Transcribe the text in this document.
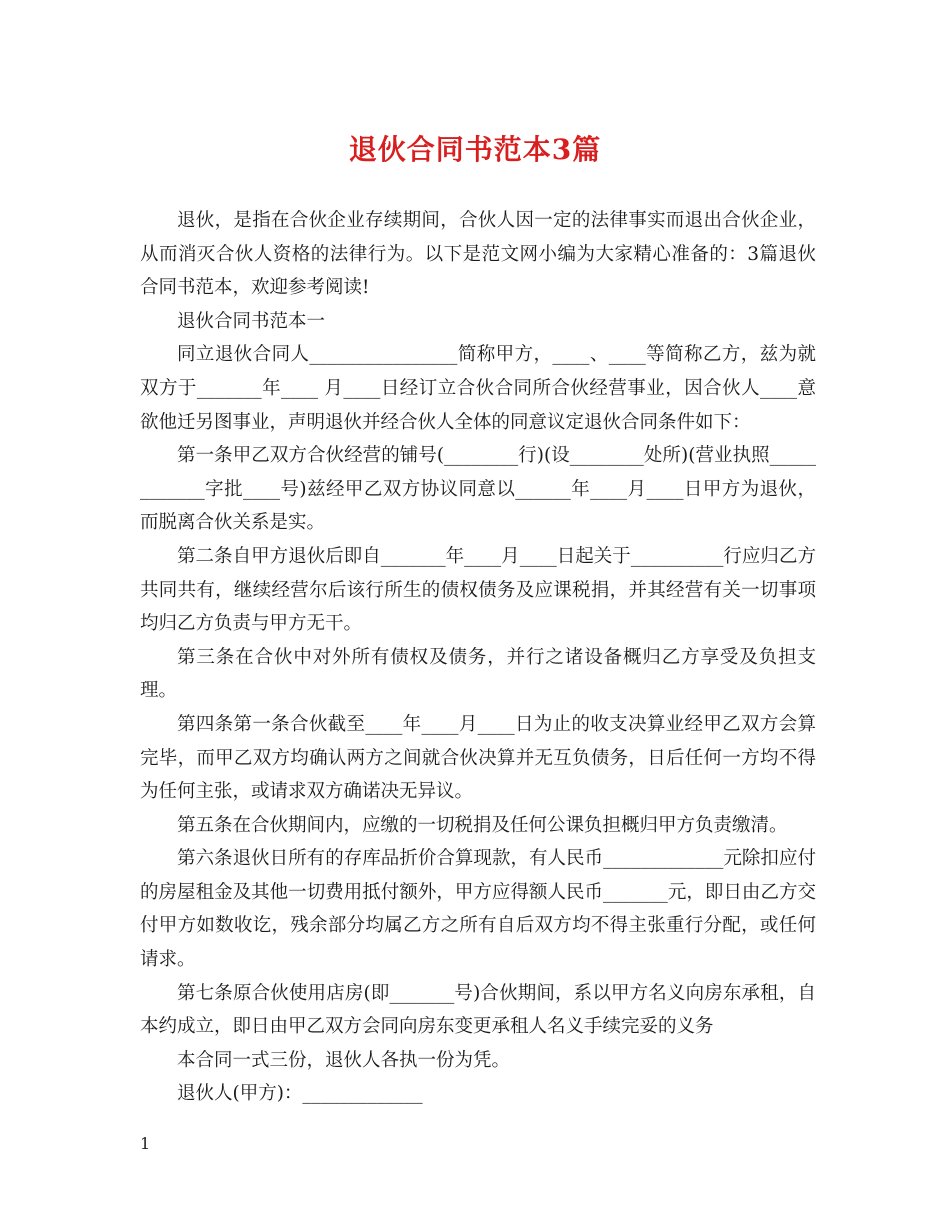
退伙合同书范本3篇

退伙，是指在合伙企业存续期间，合伙人因一定的法律事实而退出合伙企业，从而消灭合伙人资格的法律行为。以下是范文网小编为大家精心准备的：3篇退伙合同书范本，欢迎参考阅读!

退伙合同书范本一

同立退伙合同人________________简称甲方，____、____等简称乙方，兹为就双方于_______年____ 月____日经订立合伙合同所合伙经营事业，因合伙人____意欲他迁另图事业，声明退伙并经合伙人全体的同意议定退伙合同条件如下：

第一条甲乙双方合伙经营的铺号(________行)(设________处所)(营业执照____________字批____号)兹经甲乙双方协议同意以______年____月____日甲方为退伙，而脱离合伙关系是实。

第二条自甲方退伙后即自_______年____月____日起关于__________行应归乙方共同共有，继续经营尔后该行所生的债权债务及应课税捐，并其经营有关一切事项均归乙方负责与甲方无干。

第三条在合伙中对外所有债权及债务，并行之诸设备概归乙方享受及负担支理。

第四条第一条合伙截至____年____月____日为止的收支决算业经甲乙双方会算完毕，而甲乙双方均确认两方之间就合伙决算并无互负债务，日后任何一方均不得为任何主张，或请求双方确诺决无异议。

第五条在合伙期间内，应缴的一切税捐及任何公课负担概归甲方负责缴清。

第六条退伙日所有的存库品折价合算现款，有人民币_____________元除扣应付的房屋租金及其他一切费用抵付额外，甲方应得额人民币_______元，即日由乙方交付甲方如数收讫，残余部分均属乙方之所有自后双方均不得主张重行分配，或任何请求。

第七条原合伙使用店房(即_______号)合伙期间，系以甲方名义向房东承租，自本约成立，即日由甲乙双方会同向房东变更承租人名义手续完妥的义务

本合同一式三份，退伙人各执一份为凭。

退伙人(甲方)：_____________

1
